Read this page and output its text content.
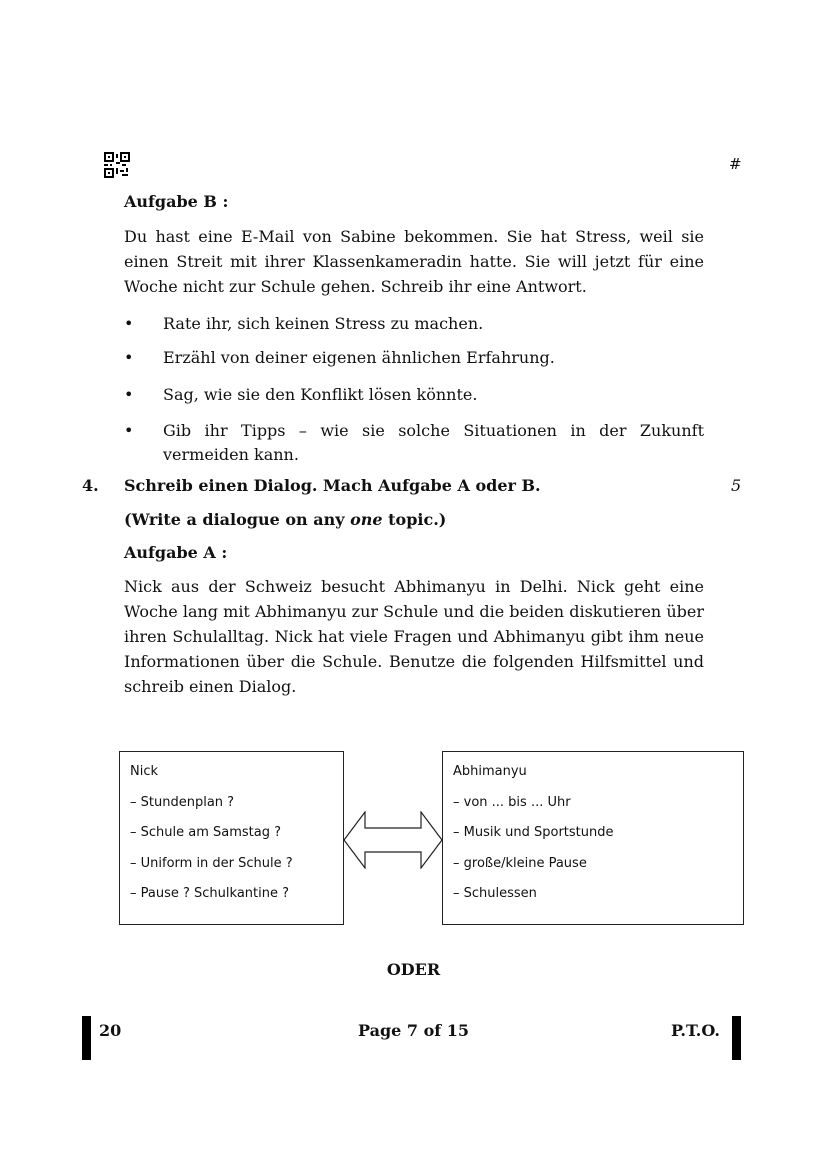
#
Aufgabe B :

Du hast eine E-Mail von Sabine bekommen. Sie hat Stress, weil sie einen Streit mit ihrer Klassenkameradin hatte. Sie will jetzt für eine Woche nicht zur Schule gehen. Schreib ihr eine Antwort.

• Rate ihr, sich keinen Stress zu machen.
• Erzähl von deiner eigenen ähnlichen Erfahrung.
• Sag, wie sie den Konflikt lösen könnte.
• Gib ihr Tipps – wie sie solche Situationen in der Zukunft vermeiden kann.
4. Schreib einen Dialog. Mach Aufgabe A oder B.	5
(Write a dialogue on any one topic.)
Aufgabe A :

Nick aus der Schweiz besucht Abhimanyu in Delhi. Nick geht eine Woche lang mit Abhimanyu zur Schule und die beiden diskutieren über ihren Schulalltag. Nick hat viele Fragen und Abhimanyu gibt ihm neue Informationen über die Schule. Benutze die folgenden Hilfsmittel und schreib einen Dialog.

Nick
– Stundenplan ?
– Schule am Samstag ?
– Uniform in der Schule ?
– Pause ? Schulkantine ?
Abhimanyu
– von ... bis ... Uhr
– Musik und Sportstunde
– große/kleine Pause
– Schulessen
ODER
20	Page 7 of 15	P.T.O.
